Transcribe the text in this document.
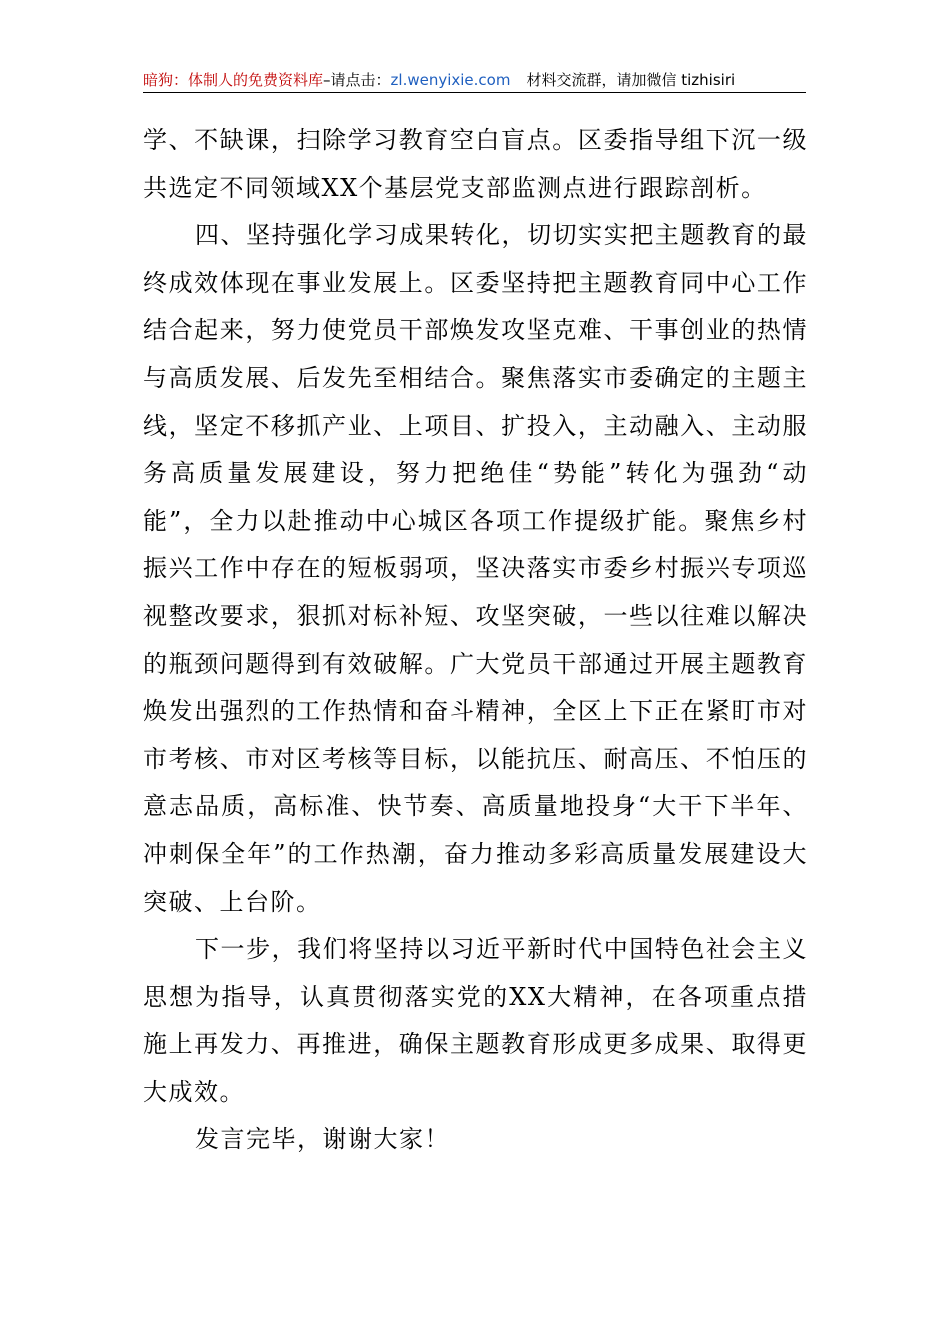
暗狗：体制人的免费资料库–请点击：zl.wenyixie.com 材料交流群，请加微信 tizhisiri

学、不缺课，扫除学习教育空白盲点。区委指导组下沉一级共选定不同领域XX个基层党支部监测点进行跟踪剖析。

四、坚持强化学习成果转化，切切实实把主题教育的最终成效体现在事业发展上。区委坚持把主题教育同中心工作结合起来，努力使党员干部焕发攻坚克难、干事创业的热情与高质发展、后发先至相结合。聚焦落实市委确定的主题主线，坚定不移抓产业、上项目、扩投入，主动融入、主动服务高质量发展建设，努力把绝佳“势能”转化为强劲“动能”，全力以赴推动中心城区各项工作提级扩能。聚焦乡村振兴工作中存在的短板弱项，坚决落实市委乡村振兴专项巡视整改要求，狠抓对标补短、攻坚突破，一些以往难以解决的瓶颈问题得到有效破解。广大党员干部通过开展主题教育焕发出强烈的工作热情和奋斗精神，全区上下正在紧盯市对市考核、市对区考核等目标，以能抗压、耐高压、不怕压的意志品质，高标准、快节奏、高质量地投身“大干下半年、冲刺保全年”的工作热潮，奋力推动多彩高质量发展建设大突破、上台阶。

下一步，我们将坚持以习近平新时代中国特色社会主义思想为指导，认真贯彻落实党的XX大精神，在各项重点措施上再发力、再推进，确保主题教育形成更多成果、取得更大成效。

发言完毕，谢谢大家！
